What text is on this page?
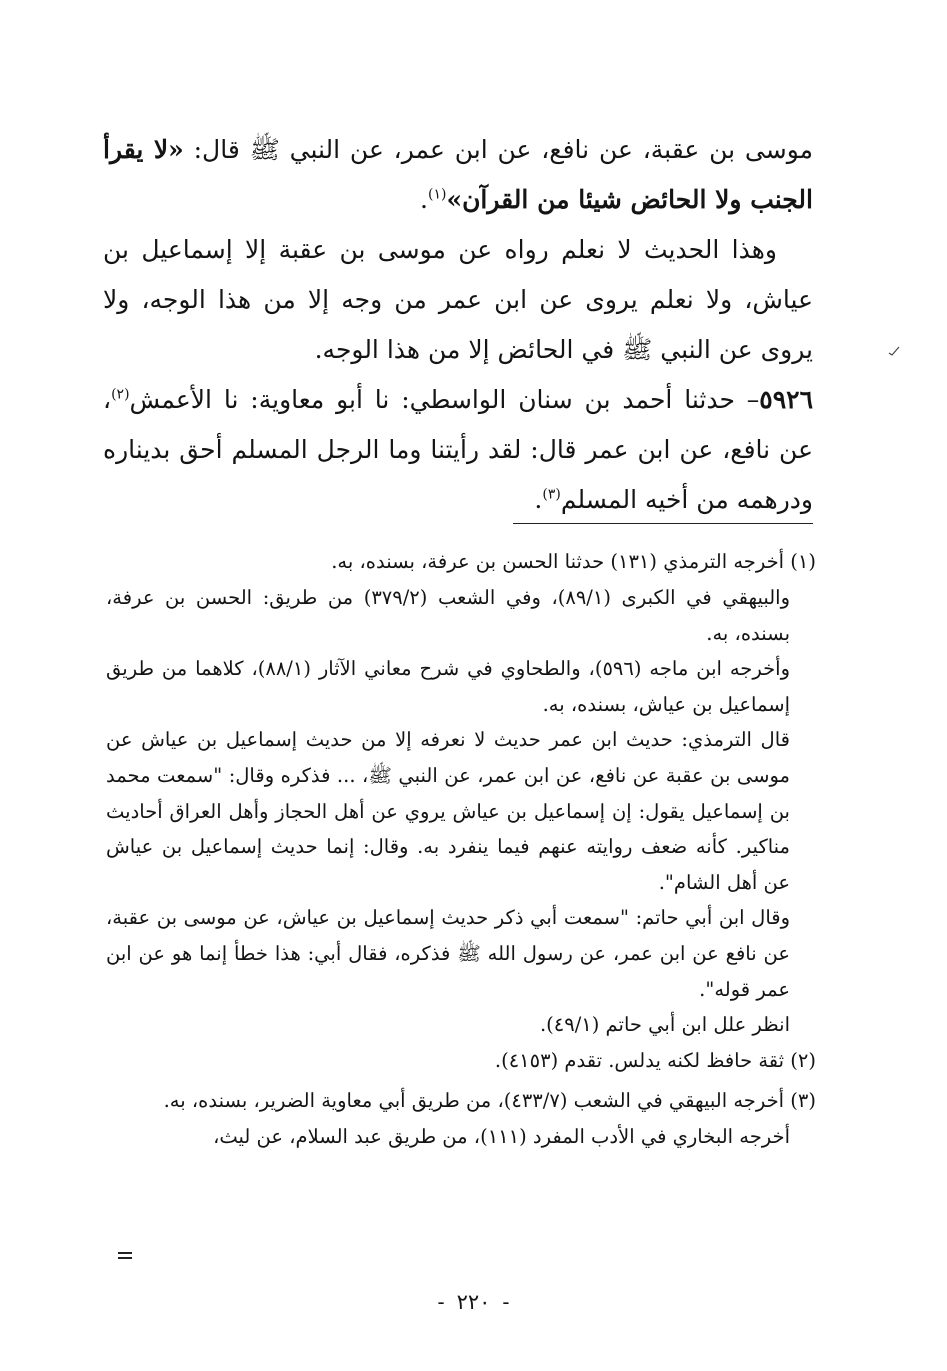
موسى بن عقبة، عن نافع، عن ابن عمر، عن النبي ﷺ قال: «لا يقرأ الجنب ولا الحائض شيئا من القرآن»$^{(١)}$.

وهذا الحديث لا نعلم رواه عن موسى بن عقبة إلا إسماعيل بن عياش، ولا نعلم يروى عن ابن عمر من وجه إلا من هذا الوجه، ولا يروى عن النبي ﷺ في الحائض إلا من هذا الوجه.

٥٩٢٦– حدثنا أحمد بن سنان الواسطي: نا أبو معاوية: نا الأعمش$^{(٢)}$، عن نافع، عن ابن عمر قال: لقد رأيتنا وما الرجل المسلم أحق بديناره ودرهمه من أخيه المسلم$^{(٣)}$.

(١) أخرجه الترمذي (١٣١) حدثنا الحسن بن عرفة، بسنده، به.

والبيهقي في الكبرى (٨٩/١)، وفي الشعب (٣٧٩/٢) من طريق: الحسن بن عرفة، بسنده، به.

وأخرجه ابن ماجه (٥٩٦)، والطحاوي في شرح معاني الآثار (٨٨/١)، كلاهما من طريق إسماعيل بن عياش، بسنده، به.

قال الترمذي: حديث ابن عمر حديث لا نعرفه إلا من حديث إسماعيل بن عياش عن موسى بن عقبة عن نافع، عن ابن عمر، عن النبي ﷺ، ... فذكره وقال: "سمعت محمد بن إسماعيل يقول: إن إسماعيل بن عياش يروي عن أهل الحجاز وأهل العراق أحاديث مناكير. كأنه ضعف روايته عنهم فيما ينفرد به. وقال: إنما حديث إسماعيل بن عياش عن أهل الشام".

وقال ابن أبي حاتم: "سمعت أبي ذكر حديث إسماعيل بن عياش، عن موسى بن عقبة، عن نافع عن ابن عمر، عن رسول الله ﷺ فذكره، فقال أبي: هذا خطأ إنما هو عن ابن عمر قوله".

انظر علل ابن أبي حاتم (٤٩/١).

(٢) ثقة حافظ لكنه يدلس. تقدم (٤١٥٣).
(٣) أخرجه البيهقي في الشعب (٤٣٣/٧)، من طريق أبي معاوية الضرير، بسنده، به.

أخرجه البخاري في الأدب المفرد (١١١)، من طريق عبد السلام، عن ليث،

-٢٢٠-
